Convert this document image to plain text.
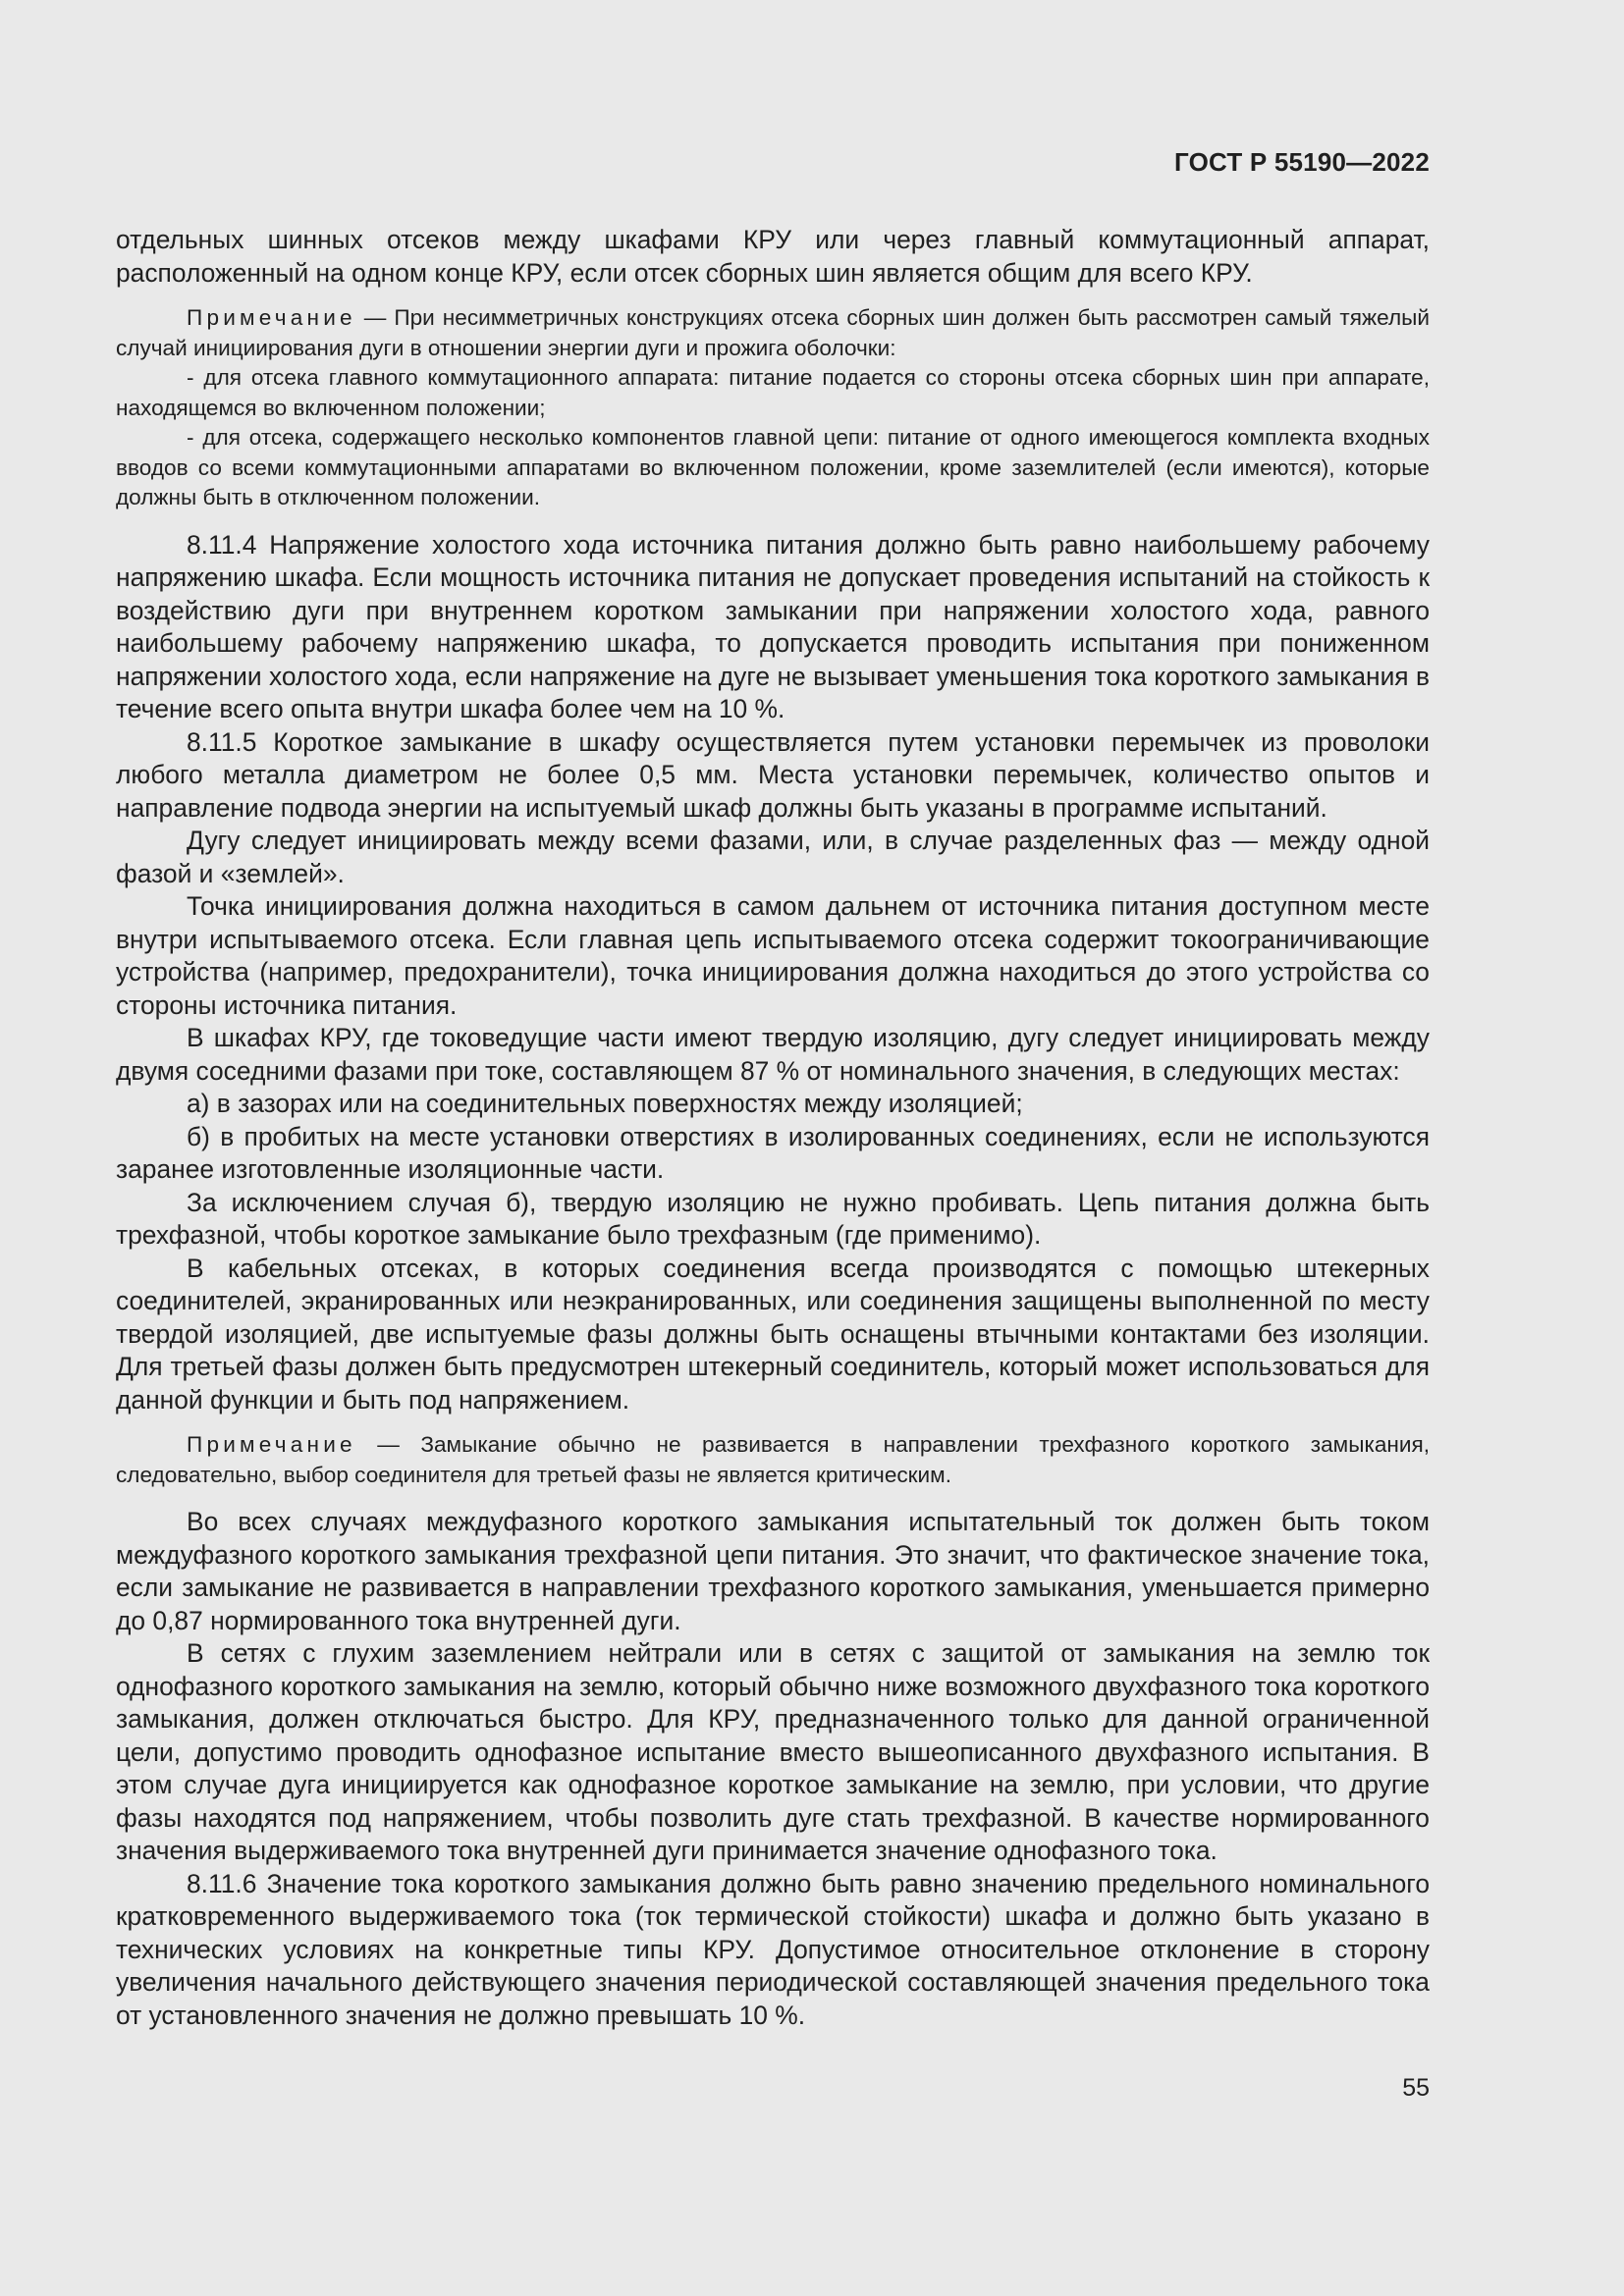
ГОСТ Р 55190—2022

отдельных шинных отсеков между шкафами КРУ или через главный коммутационный аппарат, расположенный на одном конце КРУ, если отсек сборных шин является общим для всего КРУ.

Примечание — При несимметричных конструкциях отсека сборных шин должен быть рассмотрен самый тяжелый случай инициирования дуги в отношении энергии дуги и прожига оболочки:

- для отсека главного коммутационного аппарата: питание подается со стороны отсека сборных шин при аппарате, находящемся во включенном положении;

- для отсека, содержащего несколько компонентов главной цепи: питание от одного имеющегося комплекта входных вводов со всеми коммутационными аппаратами во включенном положении, кроме заземлителей (если имеются), которые должны быть в отключенном положении.

8.11.4 Напряжение холостого хода источника питания должно быть равно наибольшему рабочему напряжению шкафа. Если мощность источника питания не допускает проведения испытаний на стойкость к воздействию дуги при внутреннем коротком замыкании при напряжении холостого хода, равного наибольшему рабочему напряжению шкафа, то допускается проводить испытания при пониженном напряжении холостого хода, если напряжение на дуге не вызывает уменьшения тока короткого замыкания в течение всего опыта внутри шкафа более чем на 10 %.

8.11.5 Короткое замыкание в шкафу осуществляется путем установки перемычек из проволоки любого металла диаметром не более 0,5 мм. Места установки перемычек, количество опытов и направление подвода энергии на испытуемый шкаф должны быть указаны в программе испытаний.

Дугу следует инициировать между всеми фазами, или, в случае разделенных фаз — между одной фазой и «землей».

Точка инициирования должна находиться в самом дальнем от источника питания доступном месте внутри испытываемого отсека. Если главная цепь испытываемого отсека содержит токоограничивающие устройства (например, предохранители), точка инициирования должна находиться до этого устройства со стороны источника питания.

В шкафах КРУ, где токоведущие части имеют твердую изоляцию, дугу следует инициировать между двумя соседними фазами при токе, составляющем 87 % от номинального значения, в следующих местах:

а) в зазорах или на соединительных поверхностях между изоляцией;

б) в пробитых на месте установки отверстиях в изолированных соединениях, если не используются заранее изготовленные изоляционные части.

За исключением случая б), твердую изоляцию не нужно пробивать. Цепь питания должна быть трехфазной, чтобы короткое замыкание было трехфазным (где применимо).

В кабельных отсеках, в которых соединения всегда производятся с помощью штекерных соединителей, экранированных или неэкранированных, или соединения защищены выполненной по месту твердой изоляцией, две испытуемые фазы должны быть оснащены втычными контактами без изоляции. Для третьей фазы должен быть предусмотрен штекерный соединитель, который может использоваться для данной функции и быть под напряжением.

Примечание — Замыкание обычно не развивается в направлении трехфазного короткого замыкания, следовательно, выбор соединителя для третьей фазы не является критическим.

Во всех случаях междуфазного короткого замыкания испытательный ток должен быть током междуфазного короткого замыкания трехфазной цепи питания. Это значит, что фактическое значение тока, если замыкание не развивается в направлении трехфазного короткого замыкания, уменьшается примерно до 0,87 нормированного тока внутренней дуги.

В сетях с глухим заземлением нейтрали или в сетях с защитой от замыкания на землю ток однофазного короткого замыкания на землю, который обычно ниже возможного двухфазного тока короткого замыкания, должен отключаться быстро. Для КРУ, предназначенного только для данной ограниченной цели, допустимо проводить однофазное испытание вместо вышеописанного двухфазного испытания. В этом случае дуга инициируется как однофазное короткое замыкание на землю, при условии, что другие фазы находятся под напряжением, чтобы позволить дуге стать трехфазной. В качестве нормированного значения выдерживаемого тока внутренней дуги принимается значение однофазного тока.

8.11.6 Значение тока короткого замыкания должно быть равно значению предельного номинального кратковременного выдерживаемого тока (ток термической стойкости) шкафа и должно быть указано в технических условиях на конкретные типы КРУ. Допустимое относительное отклонение в сторону увеличения начального действующего значения периодической составляющей значения предельного тока от установленного значения не должно превышать 10 %.

55
